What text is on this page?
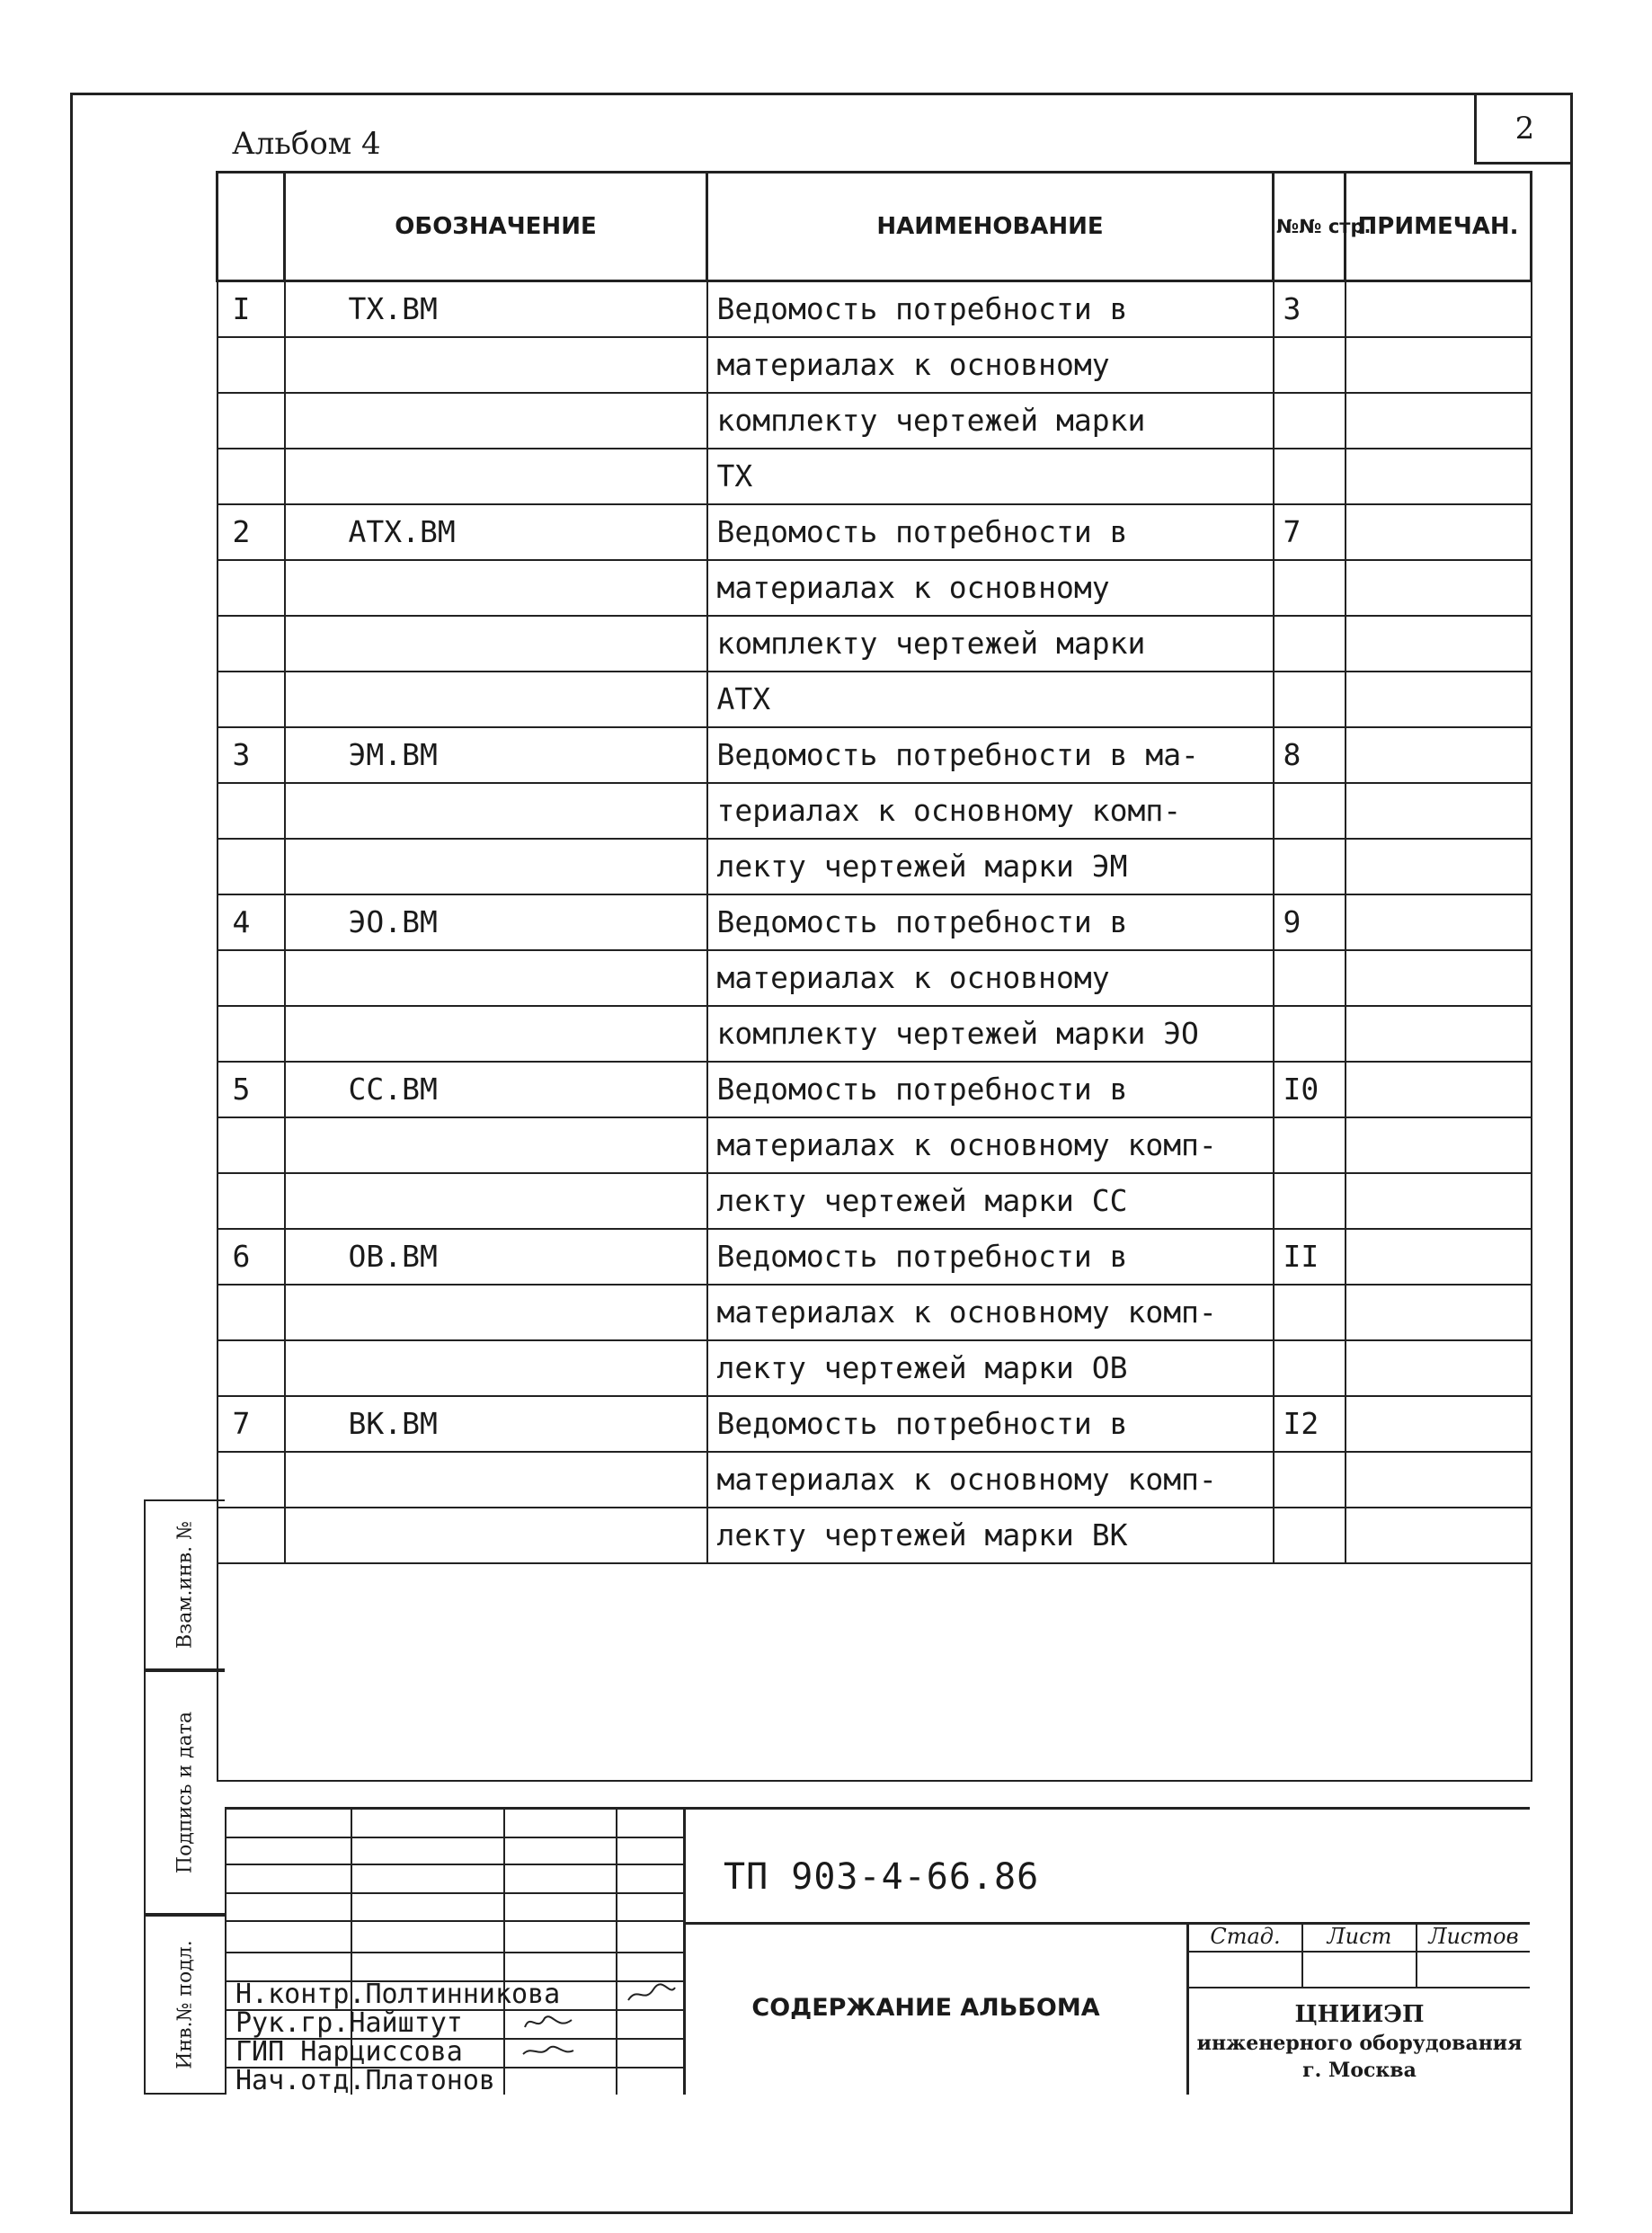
Альбом 4	2
	ОБОЗНАЧЕНИЕ	НАИМЕНОВАНИЕ	№№ стр.	ПРИМЕЧАН.
I	ТХ.ВМ	Ведомость потребности в	3	
		материалах к основному		
		комплекту чертежей марки		
		ТХ		
2	АТХ.ВМ	Ведомость потребности в	7	
		материалах к основному		
		комплекту чертежей марки		
		АТХ		
3	ЭМ.ВМ	Ведомость потребности в ма-	8	
		териалах к основному комп-		
		лекту чертежей марки ЭМ		
4	ЭО.ВМ	Ведомость потребности в	9	
		материалах к основному		
		комплекту чертежей марки ЭО		
5	СС.ВМ	Ведомость потребности в	I0	
		материалах к основному комп-		
		лекту чертежей марки СС		
6	ОВ.ВМ	Ведомость потребности в	II	
		материалах к основному комп-		
		лекту чертежей марки ОВ		
7	ВК.ВМ	Ведомость потребности в	I2	
		материалах к основному комп-		
		лекту чертежей марки ВК		

Взам.инв. №
Подпись и дата
Инв.№ подл. Н.контр.Полтинникова
Рук.гр.Найштут
ГИП Нарциссова
Нач.отд.Платонов
ТП 903-4-66.86
СОДЕРЖАНИЕ АЛЬБОМА
Стад.	Лист	Листов
ЦНИИЭП
инженерного оборудования
г. Москва
